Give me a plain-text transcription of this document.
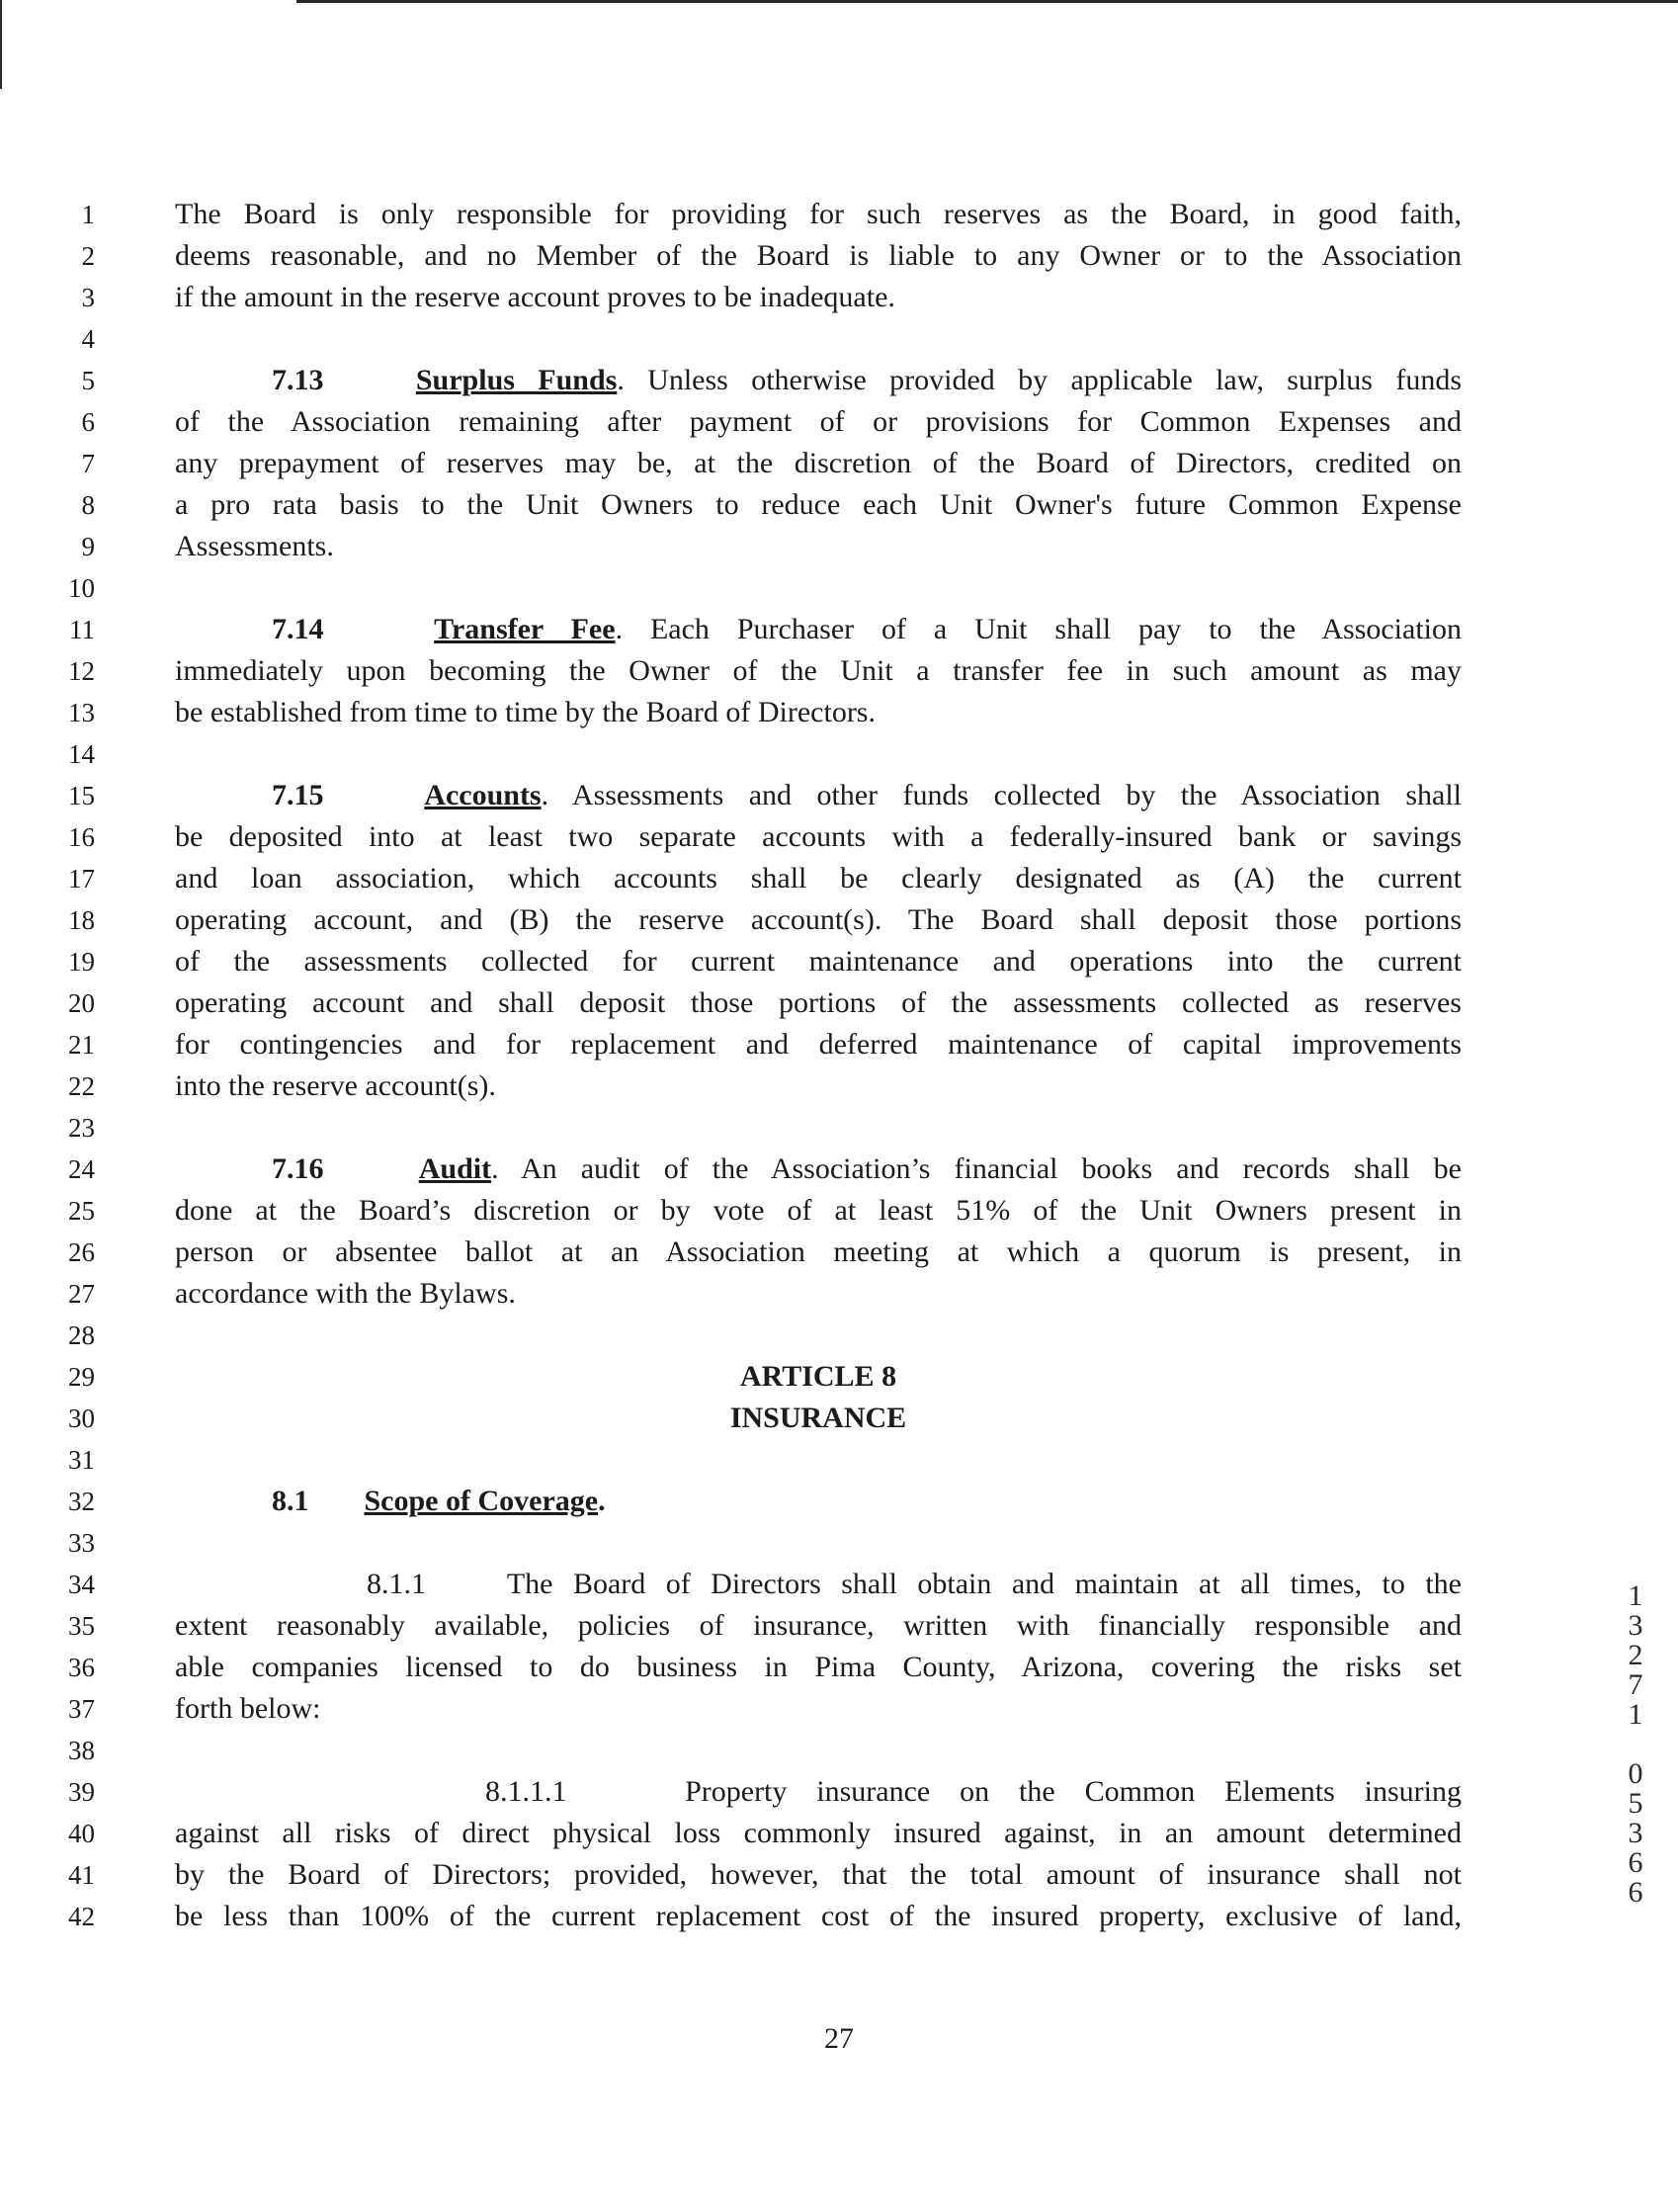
1
2
3
4
5
6
7
8
9
10
11
12
13
14
15
16
17
18
19
20
21
22
23
24
25
26
27
28
29
30
31
32
33
34
35
36
37
38
39
40
41
42
The Board is only responsible for providing for such reserves as the Board, in good faith,
deems reasonable, and no Member of the Board is liable to any Owner or to the Association
if the amount in the reserve account proves to be inadequate.
7.13	Surplus Funds. Unless otherwise provided by applicable law, surplus funds
of the Association remaining after payment of or provisions for Common Expenses and
any prepayment of reserves may be, at the discretion of the Board of Directors, credited on
a pro rata basis to the Unit Owners to reduce each Unit Owner's future Common Expense
Assessments.
7.14	Transfer Fee. Each Purchaser of a Unit shall pay to the Association
immediately upon becoming the Owner of the Unit a transfer fee in such amount as may
be established from time to time by the Board of Directors.
7.15	Accounts. Assessments and other funds collected by the Association shall
be deposited into at least two separate accounts with a federally-insured bank or savings
and loan association, which accounts shall be clearly designated as (A) the current
operating account, and (B) the reserve account(s). The Board shall deposit those portions
of the assessments collected for current maintenance and operations into the current
operating account and shall deposit those portions of the assessments collected as reserves
for contingencies and for replacement and deferred maintenance of capital improvements
into the reserve account(s).
7.16	Audit. An audit of the Association’s financial books and records shall be
done at the Board’s discretion or by vote of at least 51% of the Unit Owners present in
person or absentee ballot at an Association meeting at which a quorum is present, in
accordance with the Bylaws.
ARTICLE 8
INSURANCE
8.1 Scope of Coverage.
8.1.1	The Board of Directors shall obtain and maintain at all times, to the
extent reasonably available, policies of insurance, written with financially responsible and
able companies licensed to do business in Pima County, Arizona, covering the risks set
forth below:
8.1.1.1	Property insurance on the Common Elements insuring
against all risks of direct physical loss commonly insured against, in an amount determined
by the Board of Directors; provided, however, that the total amount of insurance shall not
be less than 100% of the current replacement cost of the insured property, exclusive of land,
27
1
3
2
7
1

0
5
3
6
6
